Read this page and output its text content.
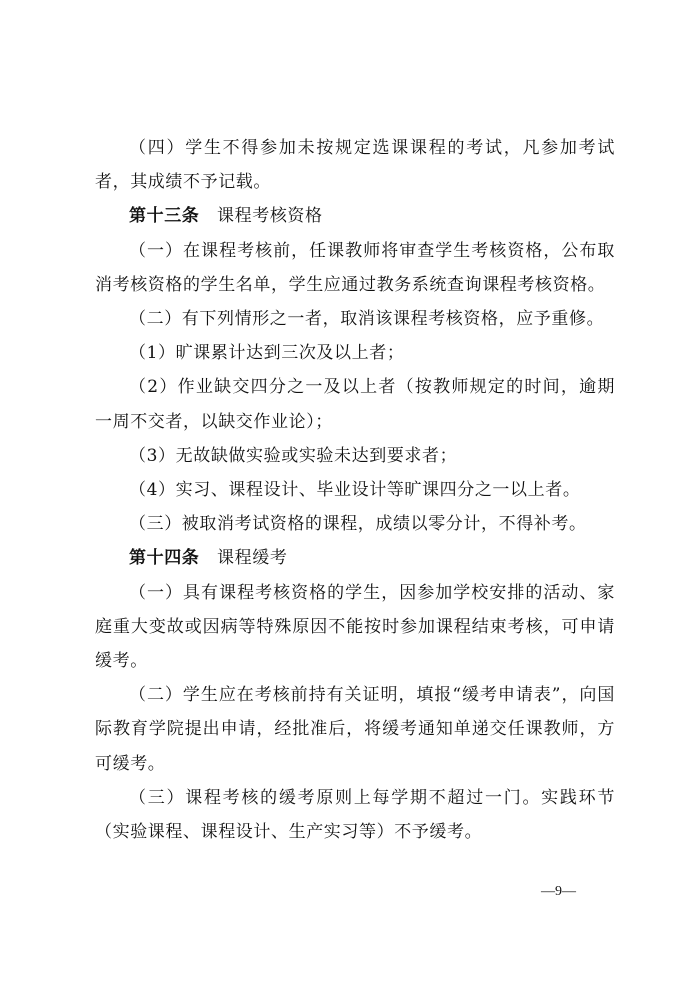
（四）学生不得参加未按规定选课课程的考试，凡参加考试者，其成绩不予记载。

第十三条  课程考核资格

（一）在课程考核前，任课教师将审查学生考核资格，公布取消考核资格的学生名单，学生应通过教务系统查询课程考核资格。

（二）有下列情形之一者，取消该课程考核资格，应予重修。

（1）旷课累计达到三次及以上者；

（2）作业缺交四分之一及以上者（按教师规定的时间，逾期一周不交者，以缺交作业论）；

（3）无故缺做实验或实验未达到要求者；

（4）实习、课程设计、毕业设计等旷课四分之一以上者。

（三）被取消考试资格的课程，成绩以零分计，不得补考。

第十四条  课程缓考

（一）具有课程考核资格的学生，因参加学校安排的活动、家庭重大变故或因病等特殊原因不能按时参加课程结束考核，可申请缓考。

（二）学生应在考核前持有关证明，填报“缓考申请表”，向国际教育学院提出申请，经批准后，将缓考通知单递交任课教师，方可缓考。

（三）课程考核的缓考原则上每学期不超过一门。实践环节（实验课程、课程设计、生产实习等）不予缓考。

—9—
